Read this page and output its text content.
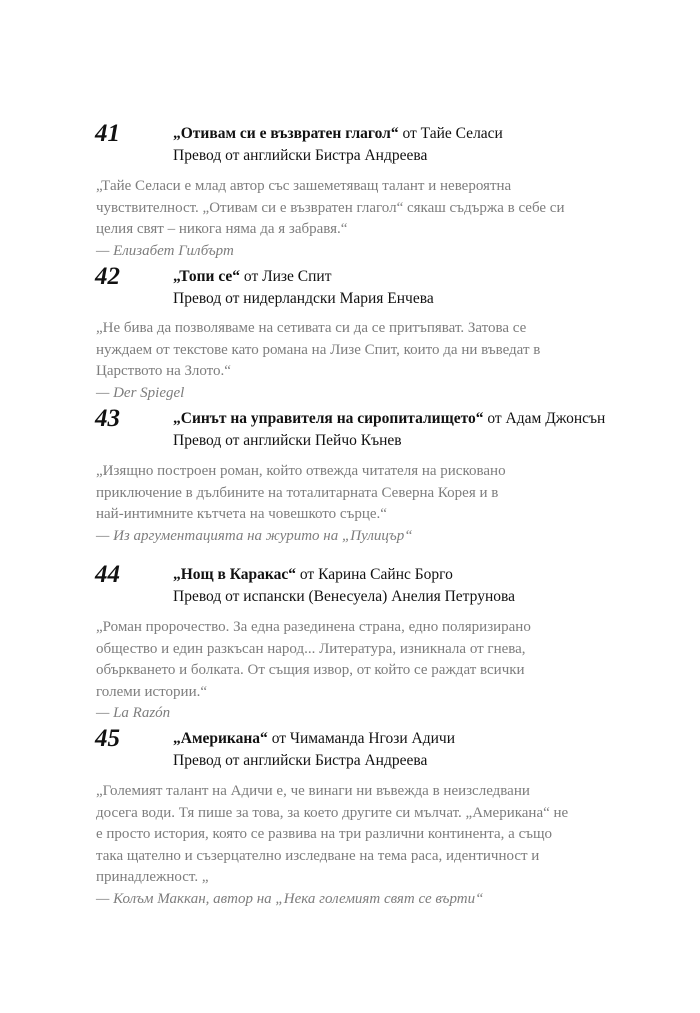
41	„Отивам си е възвратен глагол“ от Тайе Селаси
Превод от английски Бистра Андреева
„Тайе Селаси е млад автор със зашеметяващ талант и невероятна
чувствителност. „Отивам си е възвратен глагол“ сякаш съдържа в себе си
целия свят – никога няма да я забравя.“
— Елизабет Гилбърт
42	„Топи се“ от Лизе Спит
Превод от нидерландски Мария Енчева
„Не бива да позволяваме на сетивата си да се притъпяват. Затова се
нуждаем от текстове като романа на Лизе Спит, които да ни въведат в
Царството на Злото.“
— Der Spiegel
43	„Синът на управителя на сиропиталището“ от Адам Джонсън
Превод от английски Пейчо Кънев
„Изящно построен роман, който отвежда читателя на рисковано
приключение в дълбините на тоталитарната Северна Корея и в
най-интимните кътчета на човешкото сърце.“
— Из аргументацията на журито на „Пулицър“
44	„Нощ в Каракас“ от Карина Сайнс Борго
Превод от испански (Венесуела) Анелия Петрунова
„Роман пророчество. За една разединена страна, едно поляризирано
общество и един разкъсан народ... Литература, изникнала от гнева,
объркването и болката. От същия извор, от който се раждат всички
големи истории.“
— La Razón
45	„Американа“ от Чимаманда Нгози Адичи
Превод от английски Бистра Андреева
„Големият талант на Адичи е, че винаги ни въвежда в неизследвани
досега води. Тя пише за това, за което другите си мълчат. „Американа“ не
е просто история, която се развива на три различни континента, а също
така щателно и съзерцателно изследване на тема раса, идентичност и
принадлежност. „
— Колъм Маккан, автор на „Нека големият свят се върти“
